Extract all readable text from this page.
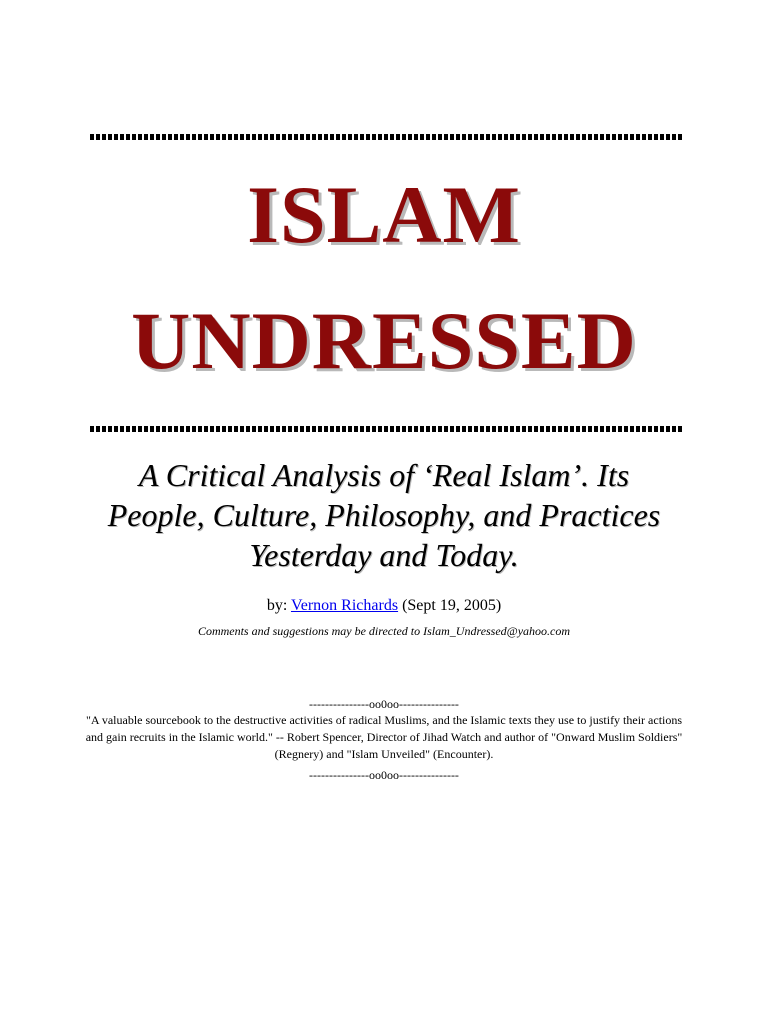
ISLAM
UNDRESSED
A Critical Analysis of ‘Real Islam’. Its
People, Culture, Philosophy, and Practices
Yesterday and Today.
by: Vernon Richards (Sept 19, 2005)
Comments and suggestions may be directed to Islam_Undressed@yahoo.com
---------------oo0oo---------------
"A valuable sourcebook to the destructive activities of radical Muslims, and the Islamic texts they use to justify their actions and gain recruits in the Islamic world." -- Robert Spencer, Director of Jihad Watch and author of "Onward Muslim Soldiers" (Regnery) and "Islam Unveiled" (Encounter).
---------------oo0oo---------------
